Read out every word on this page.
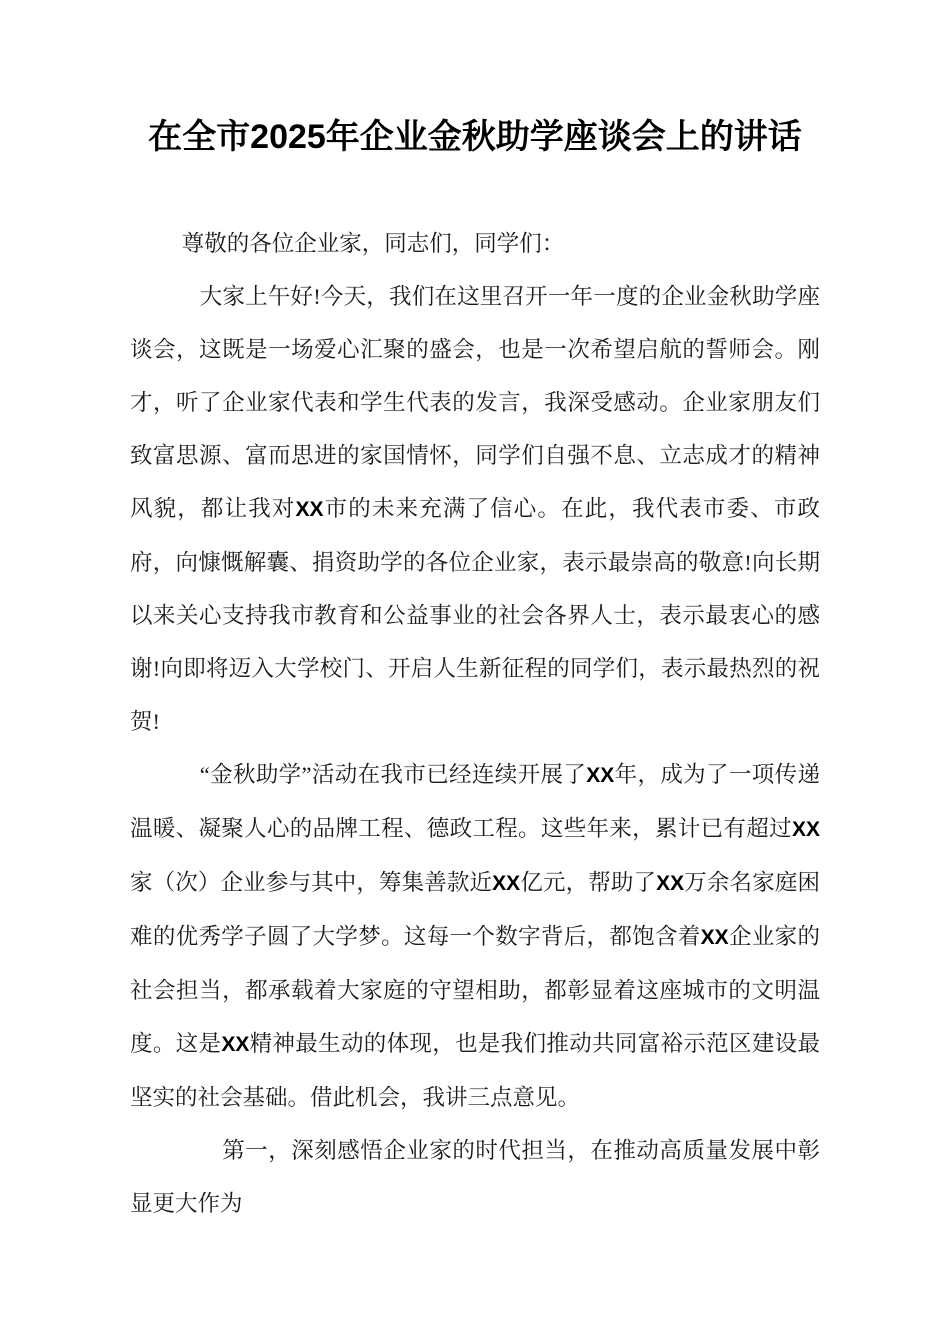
在全市2025年企业金秋助学座谈会上的讲话

尊敬的各位企业家，同志们，同学们：

大家上午好!今天，我们在这里召开一年一度的企业金秋助学座谈会，这既是一场爱心汇聚的盛会，也是一次希望启航的誓师会。刚才，听了企业家代表和学生代表的发言，我深受感动。企业家朋友们致富思源、富而思进的家国情怀，同学们自强不息、立志成才的精神风貌，都让我对XX市的未来充满了信心。在此，我代表市委、市政府，向慷慨解囊、捐资助学的各位企业家，表示最崇高的敬意!向长期以来关心支持我市教育和公益事业的社会各界人士，表示最衷心的感谢!向即将迈入大学校门、开启人生新征程的同学们，表示最热烈的祝贺!

“金秋助学”活动在我市已经连续开展了XX年，成为了一项传递温暖、凝聚人心的品牌工程、德政工程。这些年来，累计已有超过XX家（次）企业参与其中，筹集善款近XX亿元，帮助了XX万余名家庭困难的优秀学子圆了大学梦。这每一个数字背后，都饱含着XX企业家的社会担当，都承载着大家庭的守望相助，都彰显着这座城市的文明温度。这是XX精神最生动的体现，也是我们推动共同富裕示范区建设最坚实的社会基础。借此机会，我讲三点意见。

第一，深刻感悟企业家的时代担当，在推动高质量发展中彰显更大作为
